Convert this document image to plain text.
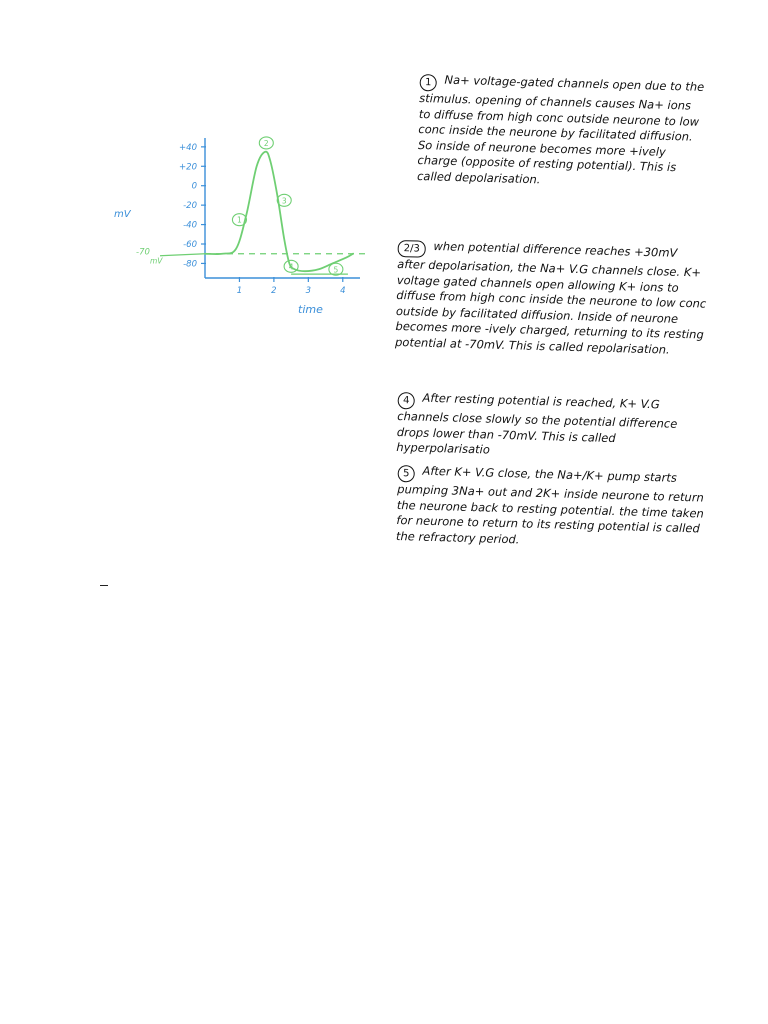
+40
+20
0
-20
-40
-60
-80
1	2	3	4
mV
time
-70
mV
1
2
3
4	5
1 Na+ voltage-gated channels open due to the stimulus. opening of channels causes Na+ ions to diffuse from high conc outside neurone to low conc inside the neurone by facilitated diffusion. So inside of neurone becomes more +ively charge (opposite of resting potential). This is called depolarisation.
2/3 when potential difference reaches +30mV after depolarisation, the Na+ V.G channels close. K+ voltage gated channels open allowing K+ ions to diffuse from high conc inside the neurone to low conc outside by facilitated diffusion. Inside of neurone becomes more -ively charged, returning to its resting potential at -70mV. This is called repolarisation.
4 After resting potential is reached, K+ V.G channels close slowly so the potential difference drops lower than -70mV. This is called hyperpolarisatio
5 After K+ V.G close, the Na+/K+ pump starts pumping 3Na+ out and 2K+ inside neurone to return the neurone back to resting potential. the time taken for neurone to return to its resting potential is called the refractory period.
